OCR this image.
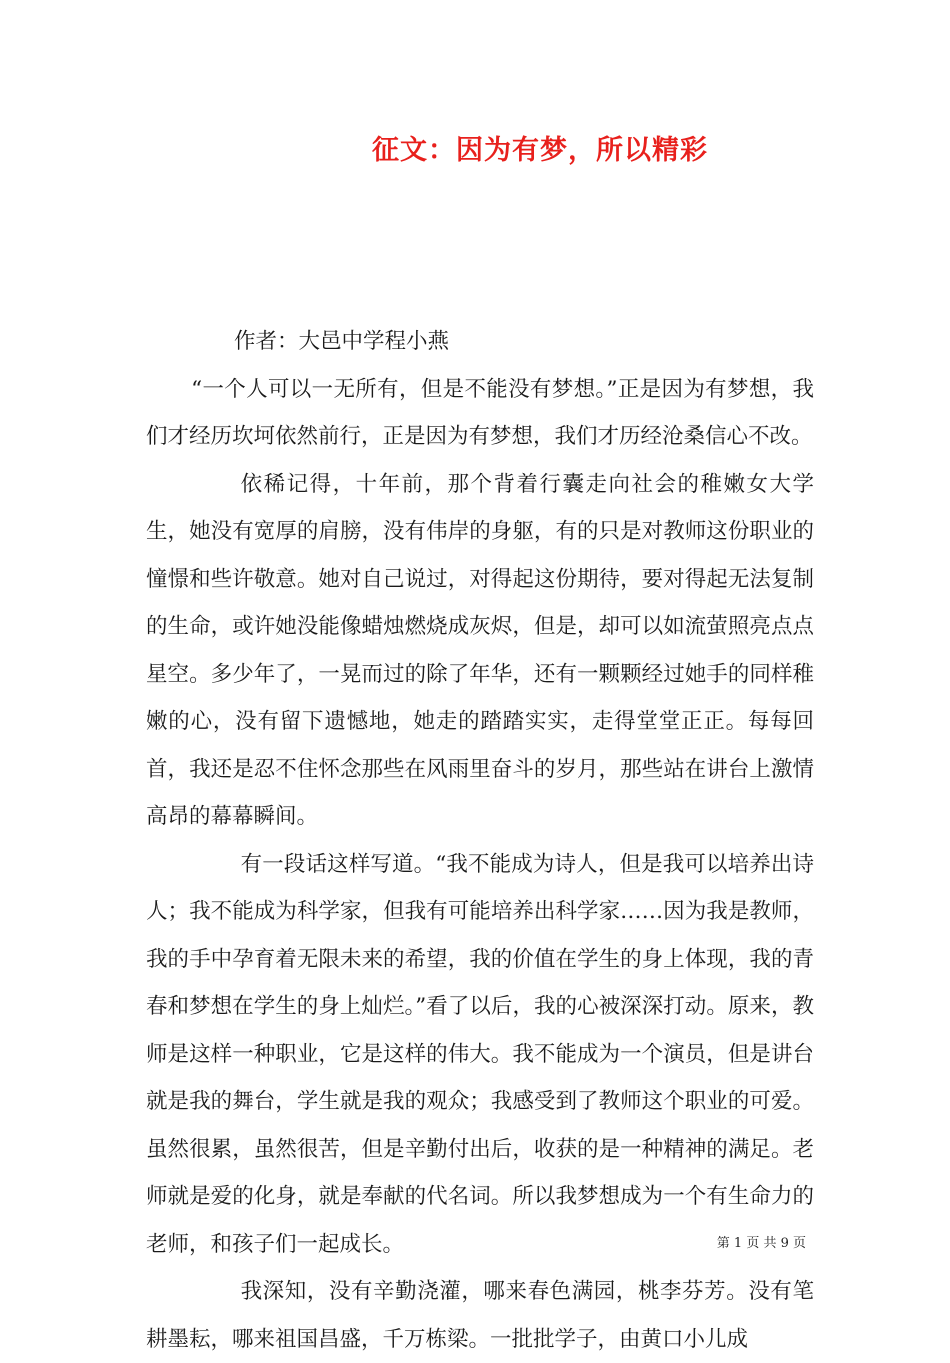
征文：因为有梦，所以精彩

作者：大邑中学程小燕

“一个人可以一无所有，但是不能没有梦想。”正是因为有梦想，我们才经历坎坷依然前行，正是因为有梦想，我们才历经沧桑信心不改。

依稀记得，十年前，那个背着行囊走向社会的稚嫩女大学生，她没有宽厚的肩膀，没有伟岸的身躯，有的只是对教师这份职业的憧憬和些许敬意。她对自己说过，对得起这份期待，要对得起无法复制的生命，或许她没能像蜡烛燃烧成灰烬，但是，却可以如流萤照亮点点星空。多少年了，一晃而过的除了年华，还有一颗颗经过她手的同样稚嫩的心，没有留下遗憾地，她走的踏踏实实，走得堂堂正正。每每回首，我还是忍不住怀念那些在风雨里奋斗的岁月，那些站在讲台上激情高昂的幕幕瞬间。

有一段话这样写道。“我不能成为诗人，但是我可以培养出诗人；我不能成为科学家，但我有可能培养出科学家……因为我是教师，我的手中孕育着无限未来的希望，我的价值在学生的身上体现，我的青春和梦想在学生的身上灿烂。”看了以后，我的心被深深打动。原来，教师是这样一种职业，它是这样的伟大。我不能成为一个演员，但是讲台就是我的舞台，学生就是我的观众；我感受到了教师这个职业的可爱。虽然很累，虽然很苦，但是辛勤付出后，收获的是一种精神的满足。老师就是爱的化身，就是奉献的代名词。所以我梦想成为一个有生命力的老师，和孩子们一起成长。

我深知，没有辛勤浇灌，哪来春色满园，桃李芬芳。没有笔耕墨耘，哪来祖国昌盛，千万栋梁。一批批学子，由黄口小儿成

第 1 页 共 9 页
